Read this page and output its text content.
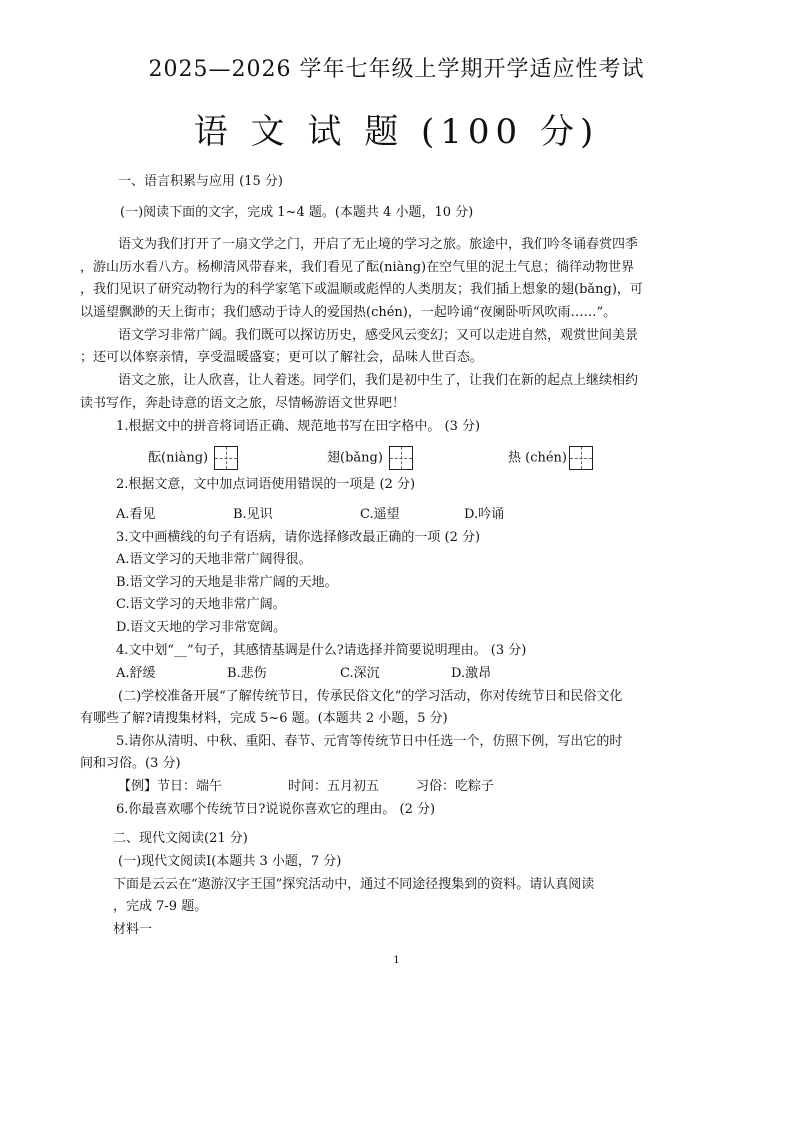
2025—2026 学年七年级上学期开学适应性考试
语 文 试 题 (100 分)
一、语言积累与应用 (15 分)
(一)阅读下面的文字，完成 1~4 题。(本题共 4 小题，10 分)
语文为我们打开了一扇文学之门，开启了无止境的学习之旅。旅途中，我们吟冬诵春赏四季
，游山历水看八方。杨柳清风带春来，我们看见了酝(niàng)在空气里的泥土气息；徜徉动物世界
，我们见识了研究动物行为的科学家笔下或温顺或彪悍的人类朋友；我们插上想象的翅(bǎng)，可
以遥望飘渺的天上街市；我们感动于诗人的爱国热(chén)，一起吟诵“夜阑卧听风吹雨……”。
语文学习非常广阔。我们既可以探访历史，感受风云变幻；又可以走进自然，观赏世间美景
；还可以体察亲情，享受温暖盛宴；更可以了解社会，品味人世百态。
语文之旅，让人欣喜，让人着迷。同学们，我们是初中生了，让我们在新的起点上继续相约
读书写作，奔赴诗意的语文之旅，尽情畅游语文世界吧！
1.根据文中的拼音将词语正确、规范地书写在田字格中。 (3 分)
酝(niàng)	翅(bǎng)	热 (chén)
2.根据文意，文中加点词语使用错误的一项是 (2 分)
A.看见	B.见识	C.遥望	D.吟诵
3.文中画横线的句子有语病，请你选择修改最正确的一项 (2 分)
A.语文学习的天地非常广阔得很。
B.语文学习的天地是非常广阔的天地。
C.语文学习的天地非常广阔。
D.语文天地的学习非常宽阔。
4.文中划“__”句子，其感情基调是什么?请选择并简要说明理由。 (3 分)
A.舒缓	B.悲伤	C.深沉	D.激昂
(二)学校准备开展“了解传统节日，传承民俗文化”的学习活动，你对传统节日和民俗文化
有哪些了解?请搜集材料，完成 5~6 题。(本题共 2 小题，5 分)
5.请你从清明、中秋、重阳、春节、元宵等传统节日中任选一个，仿照下例，写出它的时
间和习俗。(3 分)
【例】节日：端午	时间：五月初五	习俗：吃粽子
6.你最喜欢哪个传统节日?说说你喜欢它的理由。 (2 分)
二、现代文阅读(21 分)
(一)现代文阅读Ⅰ(本题共 3 小题，7 分)
下面是云云在“遨游汉字王国”探究活动中，通过不同途径搜集到的资料。请认真阅读
，完成 7-9 题。
材料一
1
